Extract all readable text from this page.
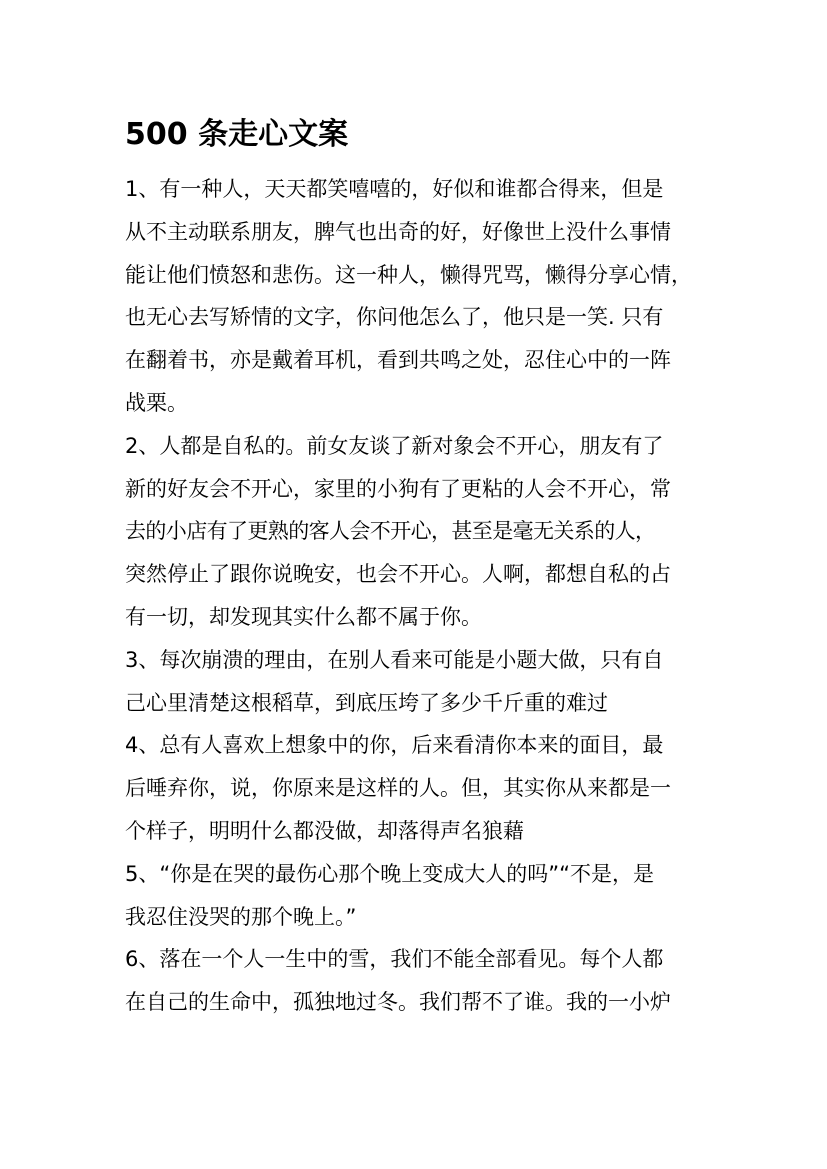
500 条走心文案
1、有一种人，天天都笑嘻嘻的，好似和谁都合得来，但是
从不主动联系朋友，脾气也出奇的好，好像世上没什么事情
能让他们愤怒和悲伤。这一种人，懒得咒骂，懒得分享心情，
也无心去写矫情的文字，你问他怎么了，他只是一笑. 只有
在翻着书，亦是戴着耳机，看到共鸣之处，忍住心中的一阵
战栗。
2、人都是自私的。前女友谈了新对象会不开心，朋友有了
新的好友会不开心，家里的小狗有了更粘的人会不开心，常
去的小店有了更熟的客人会不开心，甚至是毫无关系的人，
突然停止了跟你说晚安，也会不开心。人啊，都想自私的占
有一切，却发现其实什么都不属于你。
3、每次崩溃的理由，在别人看来可能是小题大做，只有自
己心里清楚这根稻草，到底压垮了多少千斤重的难过
4、总有人喜欢上想象中的你，后来看清你本来的面目，最
后唾弃你，说，你原来是这样的人。但，其实你从来都是一
个样子，明明什么都没做，却落得声名狼藉
5、“你是在哭的最伤心那个晚上变成大人的吗”“不是，是
我忍住没哭的那个晚上。”
6、落在一个人一生中的雪，我们不能全部看见。每个人都
在自己的生命中，孤独地过冬。我们帮不了谁。我的一小炉
